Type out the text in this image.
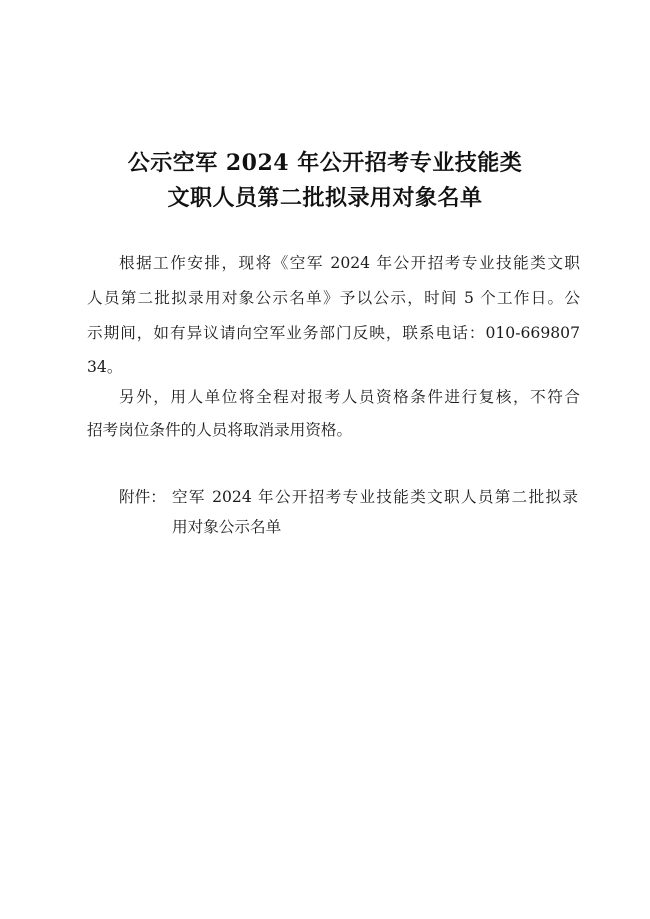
公示空军 2024 年公开招考专业技能类
文职人员第二批拟录用对象名单
根据工作安排，现将《空军 2024 年公开招考专业技能类文职
人员第二批拟录用对象公示名单》予以公示，时间 5 个工作日。公
示期间，如有异议请向空军业务部门反映，联系电话：010-669807
34。
另外，用人单位将全程对报考人员资格条件进行复核，不符合
招考岗位条件的人员将取消录用资格。
附件： 空军 2024 年公开招考专业技能类文职人员第二批拟录
用对象公示名单
